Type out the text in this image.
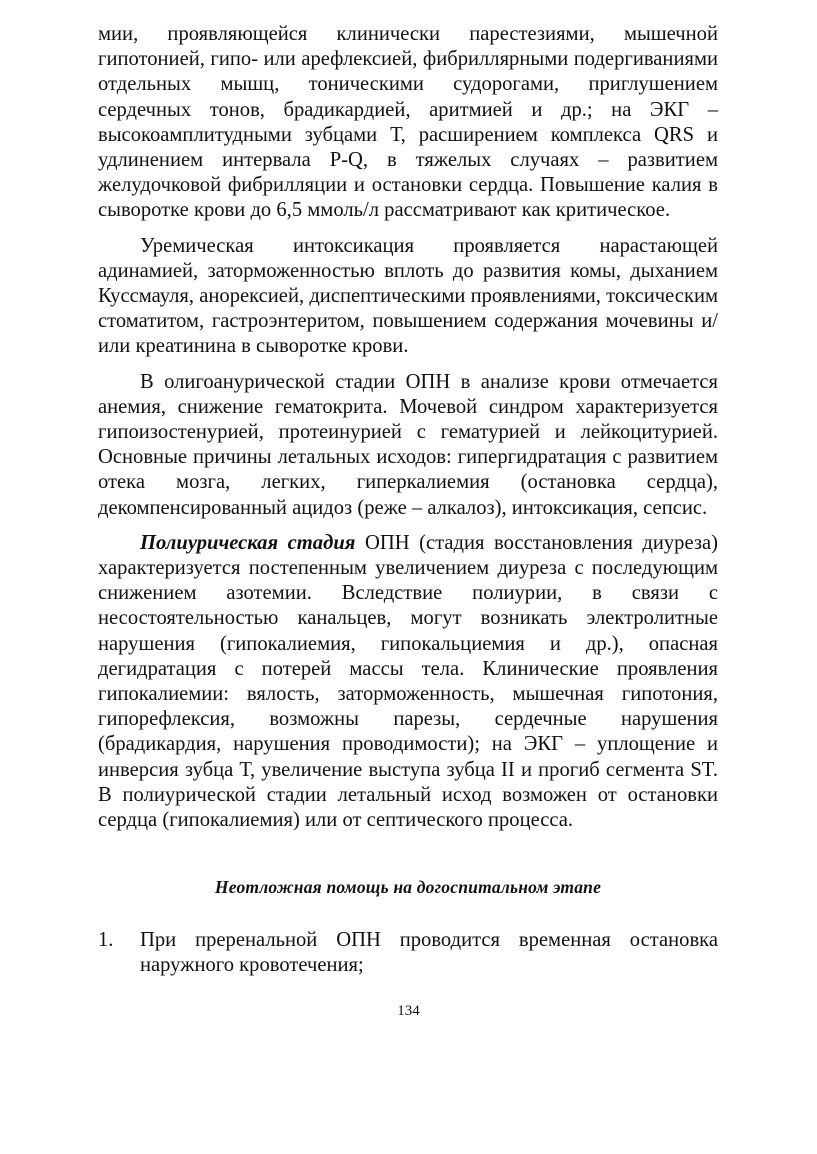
мии, проявляющейся клинически парестезиями, мышечной гипотонией, гипо- или арефлексией, фибриллярными подергиваниями отдельных мышц, тоническими судорогами, приглушением сердечных тонов, брадикардией, аритмией и др.; на ЭКГ – высокоамплитудными зубцами Т, расширением комплекса QRS и удлинением интервала P-Q, в тяжелых случаях – развитием желудочковой фибрилляции и остановки сердца. Повышение калия в сыворотке крови до 6,5 ммоль/л рассматривают как критическое.

Уремическая интоксикация проявляется нарастающей адинамией, заторможенностью вплоть до развития комы, дыханием Куссмауля, анорексией, диспептическими проявлениями, токсическим стоматитом, гастроэнтеритом, повышением содержания мочевины и/или креатинина в сыворотке крови.

В олигоанурической стадии ОПН в анализе крови отмечается анемия, снижение гематокрита. Мочевой синдром характеризуется гипоизостенурией, протеинурией с гематурией и лейкоцитурией. Основные причины летальных исходов: гипергидратация с развитием отека мозга, легких, гиперкалиемия (остановка сердца), декомпенсированный ацидоз (реже – алкалоз), интоксикация, сепсис.

Полиурическая стадия ОПН (стадия восстановления диуреза) характеризуется постепенным увеличением диуреза с последующим снижением азотемии. Вследствие полиурии, в связи с несостоятельностью канальцев, могут возникать электролитные нарушения (гипокалиемия, гипокальциемия и др.), опасная дегидратация с потерей массы тела. Клинические проявления гипокалиемии: вялость, заторможенность, мышечная гипотония, гипорефлексия, возможны парезы, сердечные нарушения (брадикардия, нарушения проводимости); на ЭКГ – уплощение и инверсия зубца Т, увеличение выступа зубца II и прогиб сегмента ST. В полиурической стадии летальный исход возможен от остановки сердца (гипокалиемия) или от септического процесса.

Неотложная помощь на догоспитальном этапе
1.	При преренальной ОПН проводится временная остановка наружного кровотечения;

134
